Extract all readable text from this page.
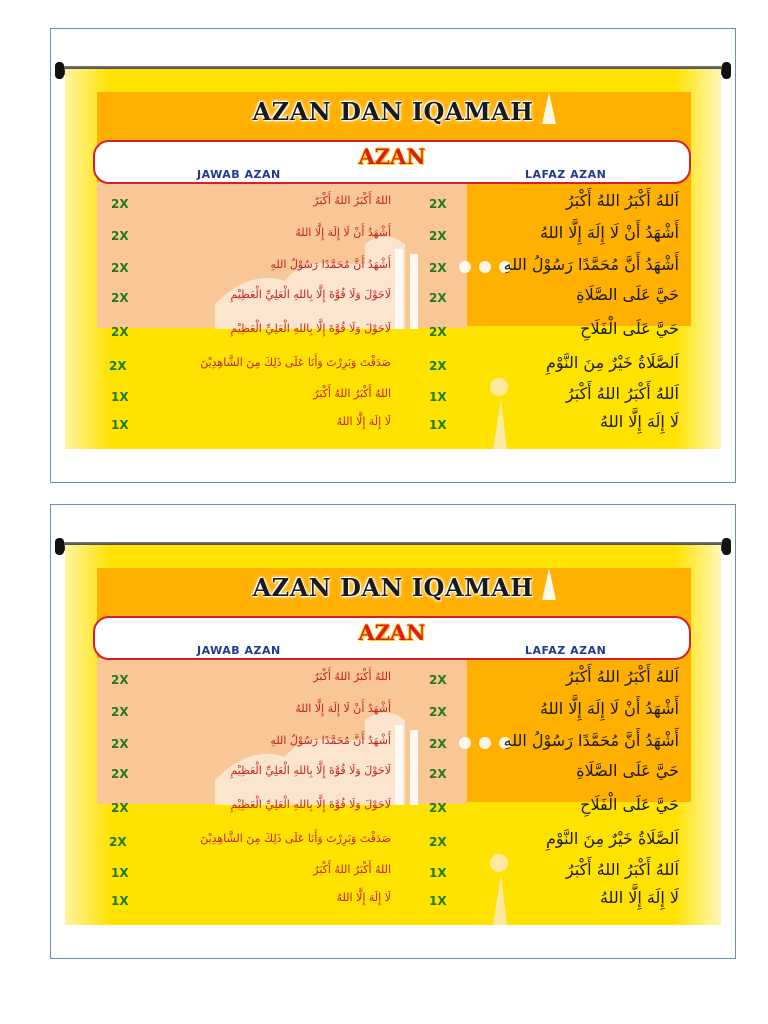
AZAN DAN IQAMAH
AZAN
JAWAB AZAN	LAFAZ AZAN
2X	اللهُ أَكْبَرُ اللهُ أَكْبَرُ	2X	اَللهُ أَكْبَرُ اللهُ أَكْبَرُ
2X	أَشْهَدُ أَنْ لَا إِلَهَ إِلَّا اللهُ	2X	أَشْهَدُ أَنْ لَا إِلَهَ إِلَّا اللهُ
2X	أَشْهَدُ أَنَّ مُحَمَّدًا رَسُوْلُ اللهِ	2X	أَشْهَدُ أَنَّ مُحَمَّدًا رَسُوْلُ اللهِ
2X	لَاحَوْلَ وَلَا قُوَّةَ إِلَّا بِاللهِ الْعَلِيِّ الْعَظِيْمِ	2X	حَيَّ عَلَى الصَّلَاةِ
2X	لَاحَوْلَ وَلَا قُوَّةَ إِلَّا بِاللهِ الْعَلِيِّ الْعَظِيْمِ	2X	حَيَّ عَلَى الْفَلَاحِ
2X	صَدَقْتَ وَبَرِرْتَ وَأَنَا عَلَى ذَلِكَ مِنَ الشَّاهِدِيْنَ	2X	اَلصَّلَاةُ خَيْرٌ مِنَ النَّوْمِ
1X	اللهُ أَكْبَرُ اللهُ أَكْبَرُ	1X	اَللهُ أَكْبَرُ اللهُ أَكْبَرُ
1X	لَا إِلَهَ إِلَّا اللهُ	1X	لَا إِلَهَ إِلَّا اللهُ
AZAN DAN IQAMAH
AZAN
JAWAB AZAN	LAFAZ AZAN
2X	اللهُ أَكْبَرُ اللهُ أَكْبَرُ	2X	اَللهُ أَكْبَرُ اللهُ أَكْبَرُ
2X	أَشْهَدُ أَنْ لَا إِلَهَ إِلَّا اللهُ	2X	أَشْهَدُ أَنْ لَا إِلَهَ إِلَّا اللهُ
2X	أَشْهَدُ أَنَّ مُحَمَّدًا رَسُوْلُ اللهِ	2X	أَشْهَدُ أَنَّ مُحَمَّدًا رَسُوْلُ اللهِ
2X	لَاحَوْلَ وَلَا قُوَّةَ إِلَّا بِاللهِ الْعَلِيِّ الْعَظِيْمِ	2X	حَيَّ عَلَى الصَّلَاةِ
2X	لَاحَوْلَ وَلَا قُوَّةَ إِلَّا بِاللهِ الْعَلِيِّ الْعَظِيْمِ	2X	حَيَّ عَلَى الْفَلَاحِ
2X	صَدَقْتَ وَبَرِرْتَ وَأَنَا عَلَى ذَلِكَ مِنَ الشَّاهِدِيْنَ	2X	اَلصَّلَاةُ خَيْرٌ مِنَ النَّوْمِ
1X	اللهُ أَكْبَرُ اللهُ أَكْبَرُ	1X	اَللهُ أَكْبَرُ اللهُ أَكْبَرُ
1X	لَا إِلَهَ إِلَّا اللهُ	1X	لَا إِلَهَ إِلَّا اللهُ
